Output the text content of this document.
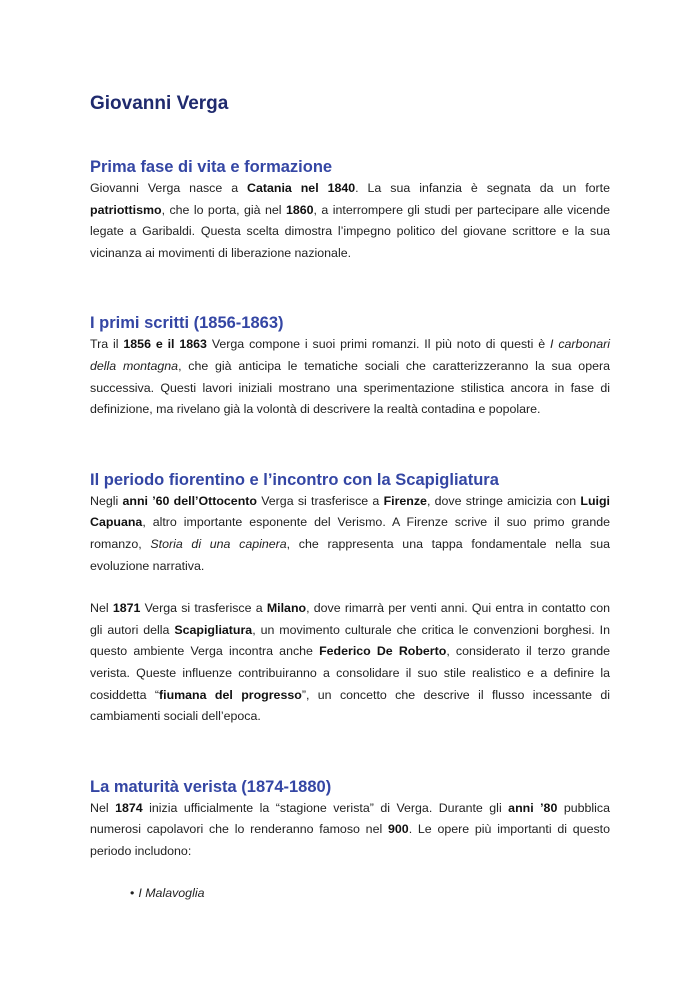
Giovanni Verga
Prima fase di vita e formazione

Giovanni Verga nasce a Catania nel 1840. La sua infanzia è segnata da un forte patriottismo, che lo porta, già nel 1860, a interrompere gli studi per partecipare alle vicende legate a Garibaldi. Questa scelta dimostra l’impegno politico del giovane scrittore e la sua vicinanza ai movimenti di liberazione nazionale.

I primi scritti (1856-1863)

Tra il 1856 e il 1863 Verga compone i suoi primi romanzi. Il più noto di questi è I carbonari della montagna, che già anticipa le tematiche sociali che caratterizzeranno la sua opera successiva. Questi lavori iniziali mostrano una sperimentazione stilistica ancora in fase di definizione, ma rivelano già la volontà di descrivere la realtà contadina e popolare.

Il periodo fiorentino e l’incontro con la Scapigliatura

Negli anni ’60 dell’Ottocento Verga si trasferisce a Firenze, dove stringe amicizia con Luigi Capuana, altro importante esponente del Verismo. A Firenze scrive il suo primo grande romanzo, Storia di una capinera, che rappresenta una tappa fondamentale nella sua evoluzione narrativa.

Nel 1871 Verga si trasferisce a Milano, dove rimarrà per venti anni. Qui entra in contatto con gli autori della Scapigliatura, un movimento culturale che critica le convenzioni borghesi. In questo ambiente Verga incontra anche Federico De Roberto, considerato il terzo grande verista. Queste influenze contribuiranno a consolidare il suo stile realistico e a definire la cosiddetta “fiumana del progresso”, un concetto che descrive il flusso incessante di cambiamenti sociali dell’epoca.

La maturità verista (1874-1880)

Nel 1874 inizia ufficialmente la “stagione verista” di Verga. Durante gli anni ’80 pubblica numerosi capolavori che lo renderanno famoso nel 900. Le opere più importanti di questo periodo includono:

• I Malavoglia
